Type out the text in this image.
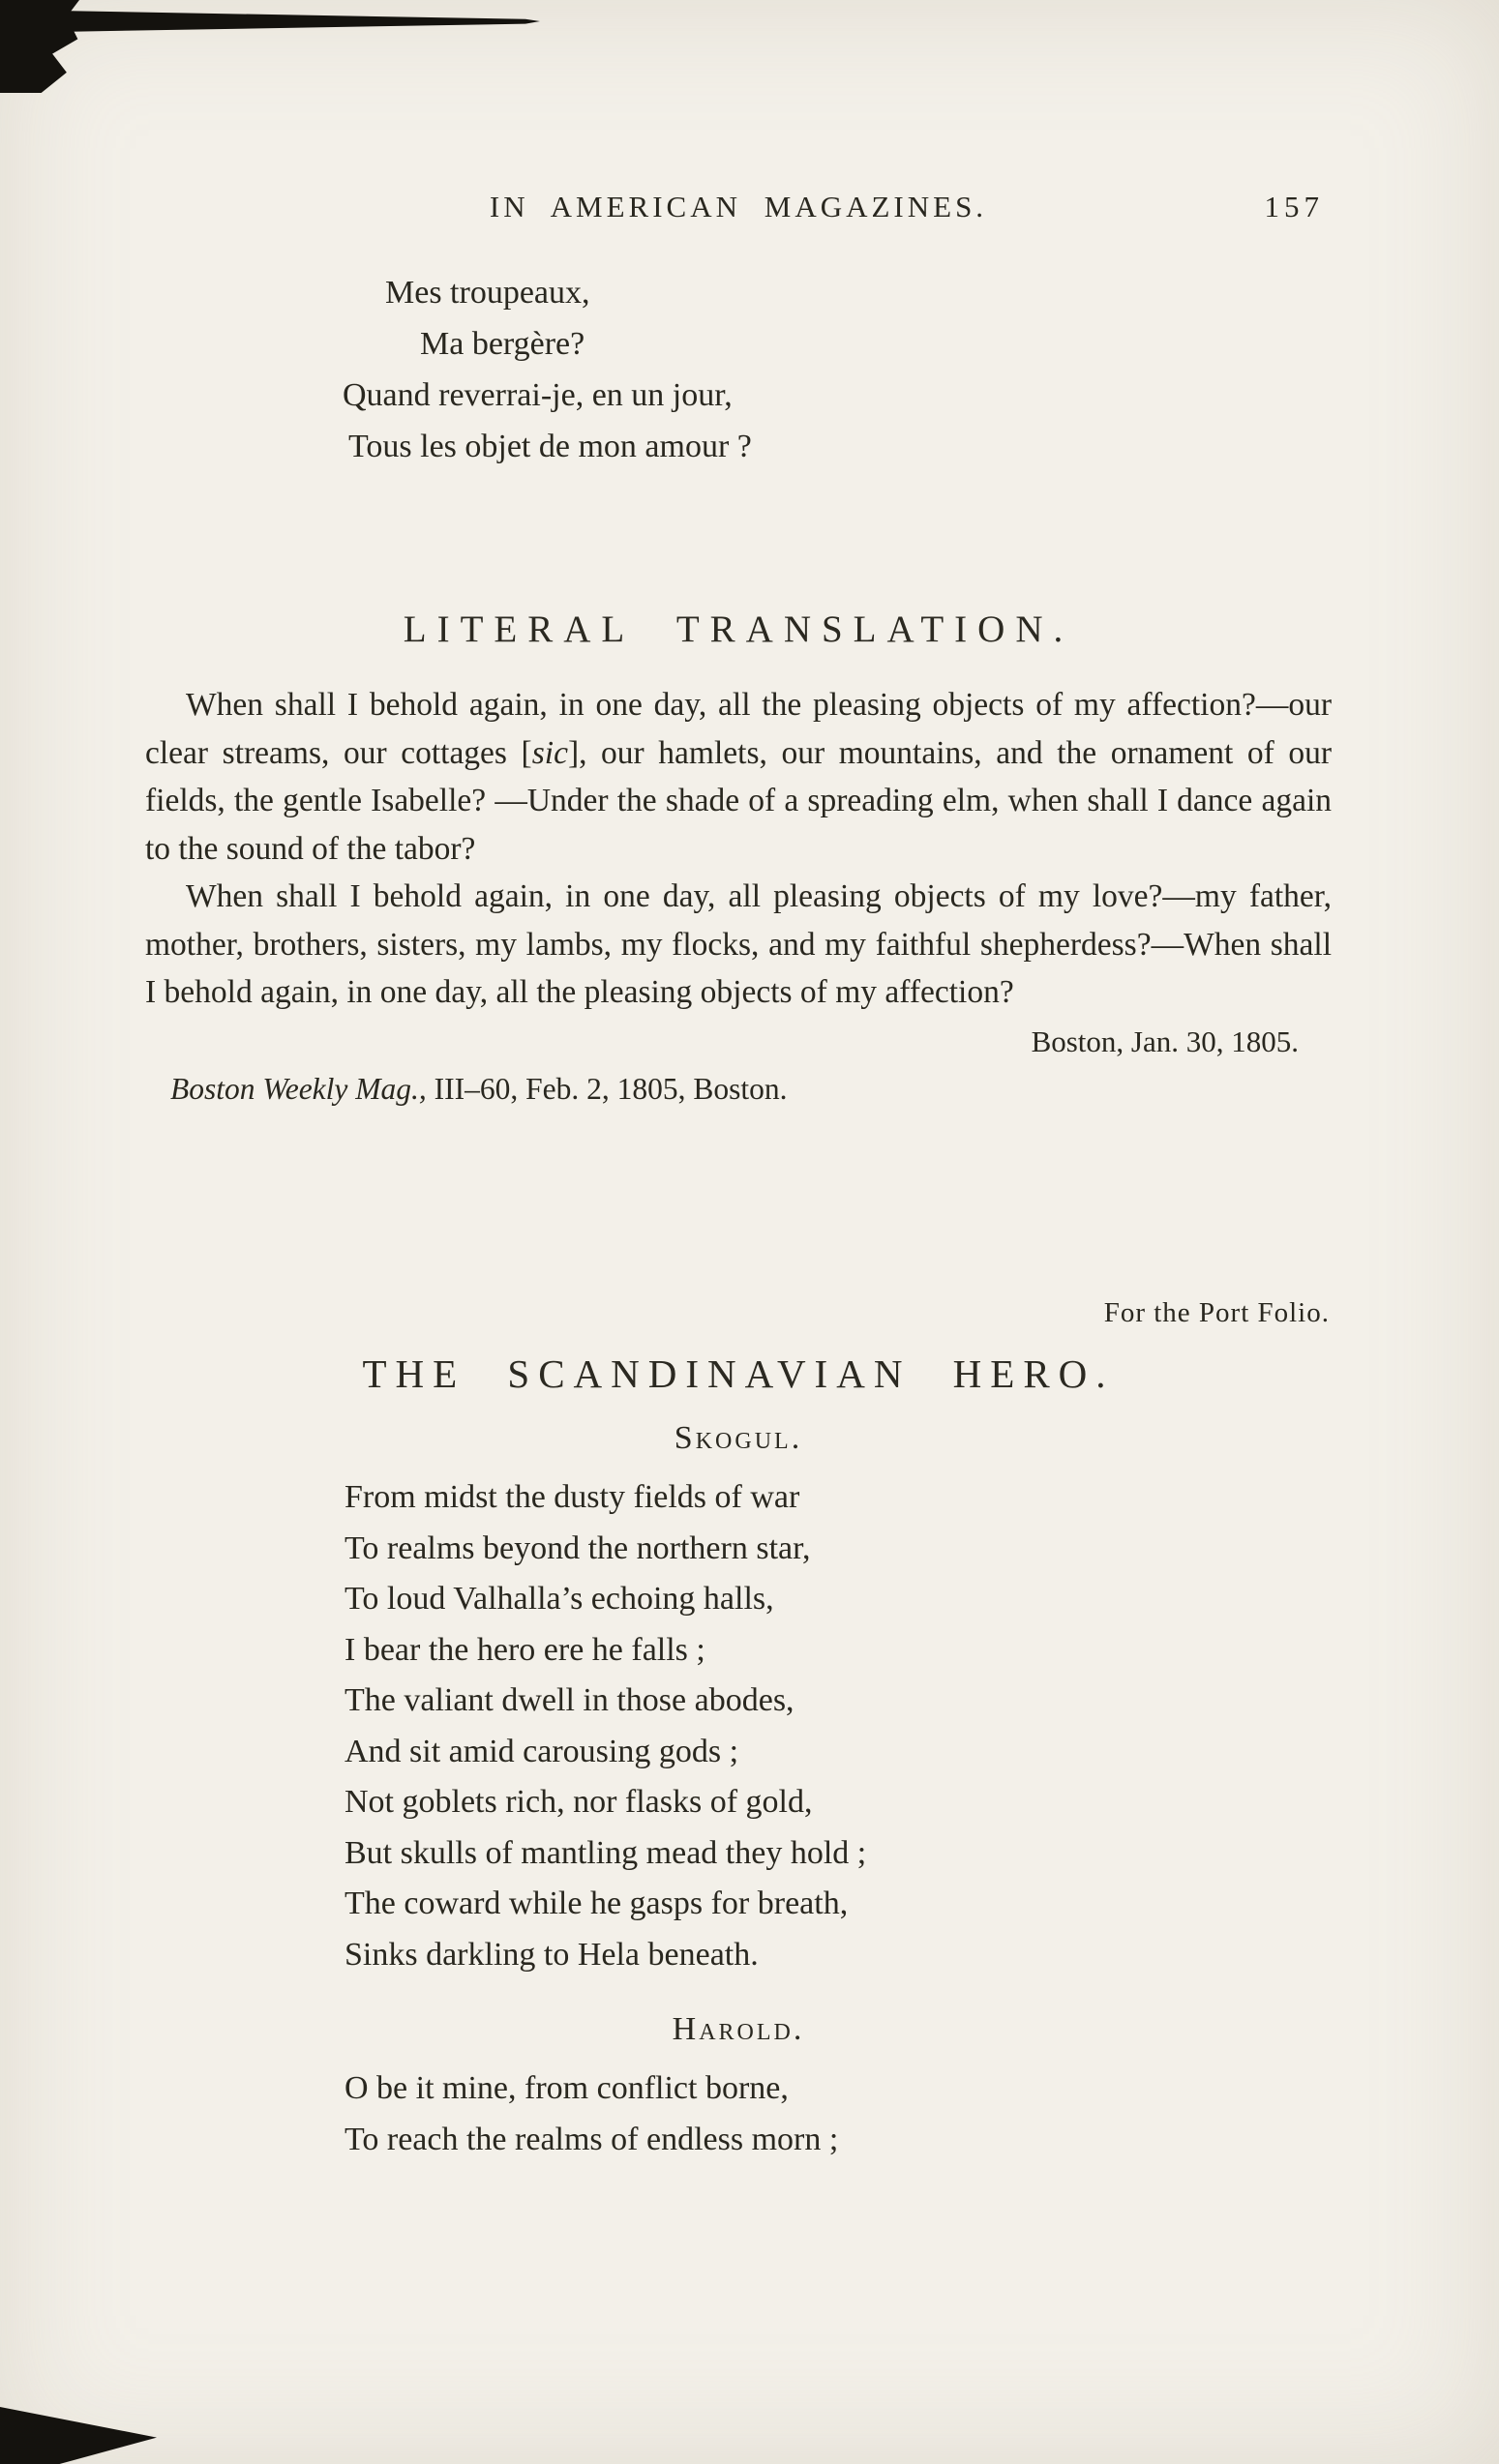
IN AMERICAN MAGAZINES.	157
Mes troupeaux,
Ma bergère?
Quand reverrai-je, en un jour,
Tous les objet de mon amour ?
LITERAL TRANSLATION.

When shall I behold again, in one day, all the pleasing objects of my affection?—our clear streams, our cottages [sic], our hamlets, our mountains, and the ornament of our fields, the gentle Isabelle? —Under the shade of a spreading elm, when shall I dance again to the sound of the tabor?

When shall I behold again, in one day, all pleasing objects of my love?—my father, mother, brothers, sisters, my lambs, my flocks, and my faithful shepherdess?—When shall I behold again, in one day, all the pleasing objects of my affection?

Boston, Jan. 30, 1805.
Boston Weekly Mag., III–60, Feb. 2, 1805, Boston.
For the Port Folio.
THE SCANDINAVIAN HERO.
Skogul.
From midst the dusty fields of war
To realms beyond the northern star,
To loud Valhalla’s echoing halls,
I bear the hero ere he falls ;
The valiant dwell in those abodes,
And sit amid carousing gods ;
Not goblets rich, nor flasks of gold,
But skulls of mantling mead they hold ;
The coward while he gasps for breath,
Sinks darkling to Hela beneath.
Harold.
O be it mine, from conflict borne,
To reach the realms of endless morn ;
